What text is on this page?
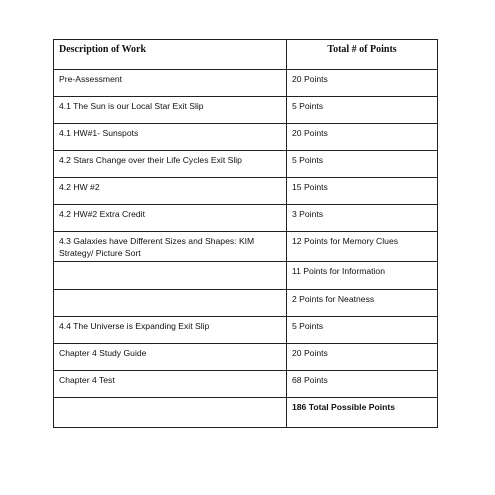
Description of Work	Total # of Points
Pre-Assessment	20 Points
4.1 The Sun is our Local Star Exit Slip	5 Points
4.1 HW#1- Sunspots	20 Points
4.2 Stars Change over their Life Cycles Exit Slip	5 Points
4.2 HW #2	15 Points
4.2 HW#2 Extra Credit	3 Points
4.3 Galaxies have Different Sizes and Shapes: KIM Strategy/ Picture Sort	12 Points for Memory Clues
	11 Points for Information
	2 Points for Neatness
4.4 The Universe is Expanding Exit Slip	5 Points
Chapter 4 Study Guide	20 Points
Chapter 4 Test	68 Points
	186 Total Possible Points
